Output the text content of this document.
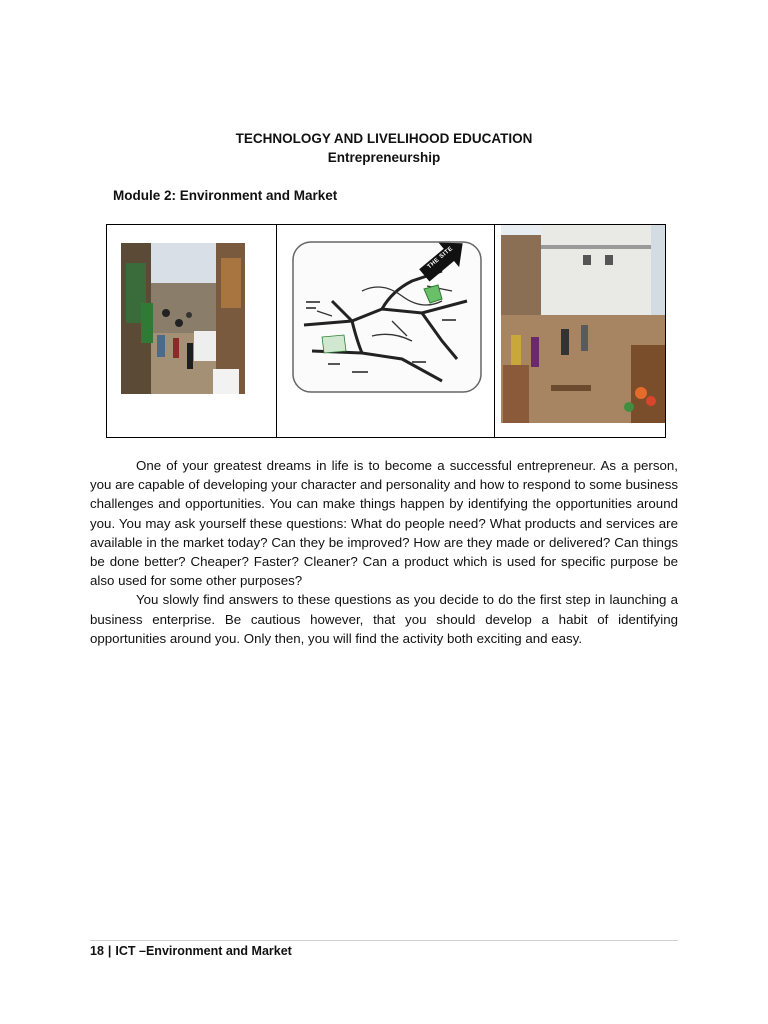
TECHNOLOGY AND LIVELIHOOD EDUCATION
Entrepreneurship
Module 2: Environment and Market
THE SITE

One of your greatest dreams in life is to become a successful entrepreneur. As a person, you are capable of developing your character and personality and how to respond to some business challenges and opportunities. You can make things happen by identifying the opportunities around you. You may ask yourself these questions: What do people need? What products and services are available in the market today? Can they be improved? How are they made or delivered? Can things be done better? Cheaper? Faster? Cleaner? Can a product which is used for specific purpose be also used for some other purposes?

You slowly find answers to these questions as you decide to do the first step in launching a business enterprise. Be cautious however, that you should develop a habit of identifying opportunities around you. Only then, you will find the activity both exciting and easy.

18 | ICT –Environment and Market
